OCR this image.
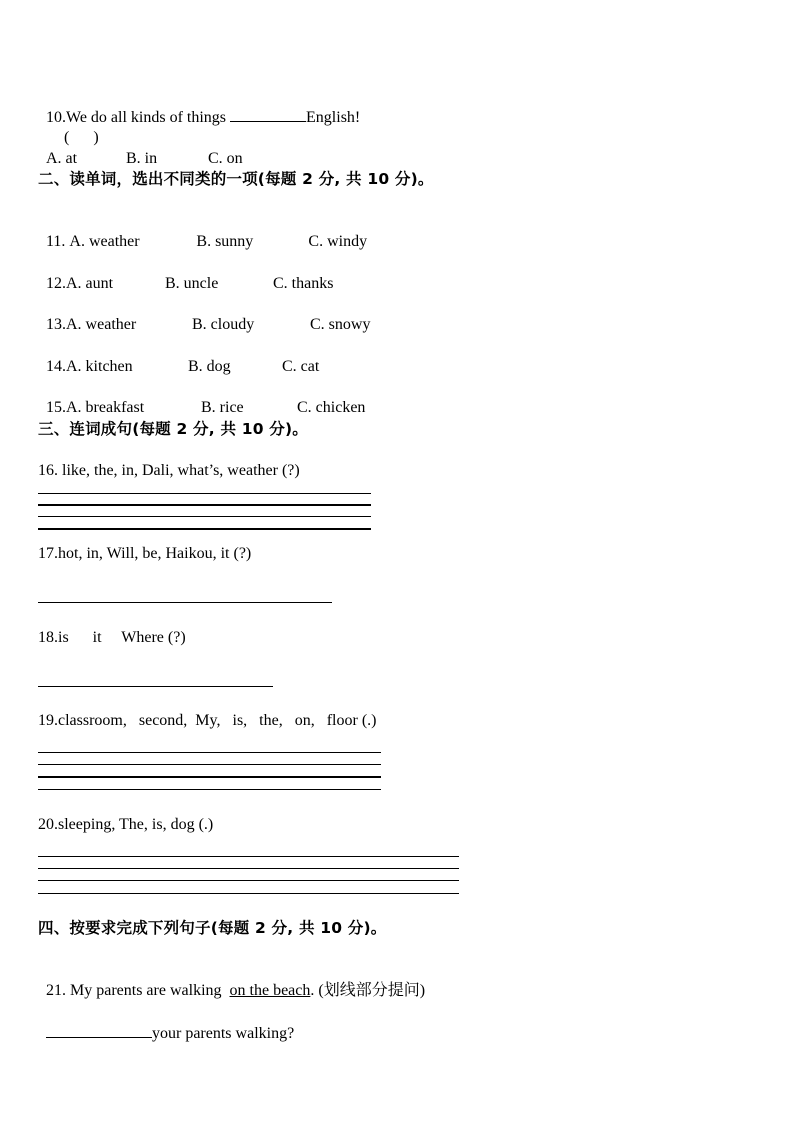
10.We do all kinds of things	English!
(      )

A. at	B. in	C. on

二、读单词，选出不同类的一项(每题 2 分, 共 10 分)。

11. A. weather	B. sunny	C. windy

12.A. aunt	B. uncle	C. thanks

13.A. weather	B. cloudy	C. snowy

14.A. kitchen	B. dog	C. cat

15.A. breakfast	B. rice	C. chicken

三、连词成句(每题 2 分, 共 10 分)。
16. like, the, in, Dali, what’s, weather (?)
17.hot, in, Will, be, Haikou, it (?)
18.is      it     Where (?)
19.classroom,   second,  My,   is,   the,   on,   floor (.)
20.sleeping, The, is, dog (.)
四、按要求完成下列句子(每题 2 分, 共 10 分)。

21. My parents are walking  on the beach. (划线部分提问)

your parents walking?
